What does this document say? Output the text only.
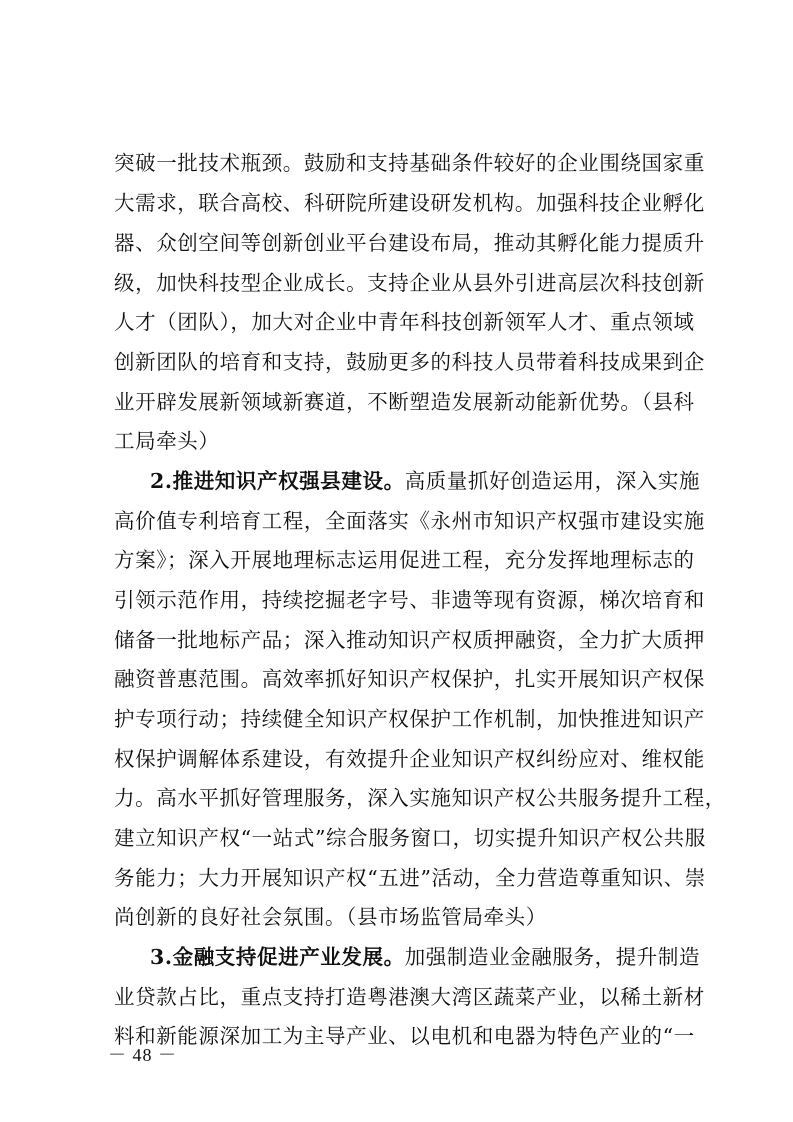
突破一批技术瓶颈。鼓励和支持基础条件较好的企业围绕国家重
大需求，联合高校、科研院所建设研发机构。加强科技企业孵化
器、众创空间等创新创业平台建设布局，推动其孵化能力提质升
级，加快科技型企业成长。支持企业从县外引进高层次科技创新
人才（团队），加大对企业中青年科技创新领军人才、重点领域
创新团队的培育和支持，鼓励更多的科技人员带着科技成果到企
业开辟发展新领域新赛道，不断塑造发展新动能新优势。（县科
工局牵头）
2.推进知识产权强县建设。高质量抓好创造运用，深入实施
高价值专利培育工程，全面落实《永州市知识产权强市建设实施
方案》；深入开展地理标志运用促进工程，充分发挥地理标志的
引领示范作用，持续挖掘老字号、非遗等现有资源，梯次培育和
储备一批地标产品；深入推动知识产权质押融资，全力扩大质押
融资普惠范围。高效率抓好知识产权保护，扎实开展知识产权保
护专项行动；持续健全知识产权保护工作机制，加快推进知识产
权保护调解体系建设，有效提升企业知识产权纠纷应对、维权能
力。高水平抓好管理服务，深入实施知识产权公共服务提升工程，
建立知识产权“一站式”综合服务窗口，切实提升知识产权公共服
务能力；大力开展知识产权“五进”活动，全力营造尊重知识、崇
尚创新的良好社会氛围。（县市场监管局牵头）
3.金融支持促进产业发展。加强制造业金融服务，提升制造
业贷款占比，重点支持打造粤港澳大湾区蔬菜产业，以稀土新材
料和新能源深加工为主导产业、以电机和电器为特色产业的“一
－ 48 －
